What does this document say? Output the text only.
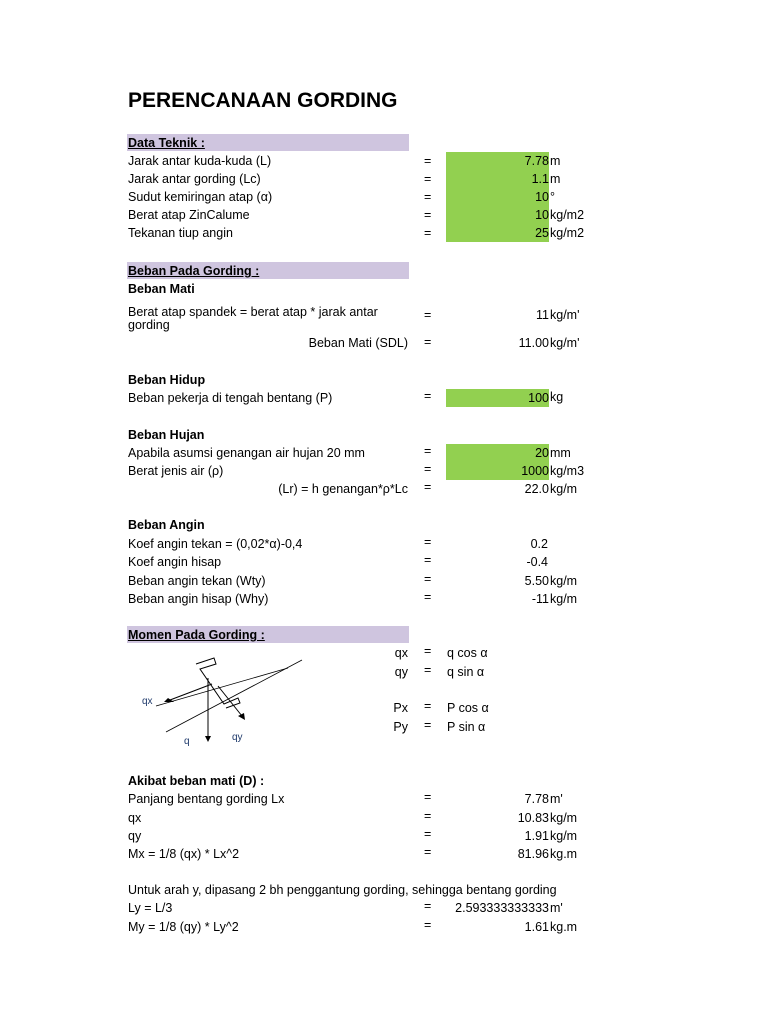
PERENCANAAN GORDING
Data Teknik :
Jarak antar kuda-kuda (L)	=	7.78 m
Jarak antar gording (Lc)	=	1.1 m
Sudut kemiringan atap (α)	=	10 °
Berat atap ZinCalume	=	10 kg/m2
Tekanan tiup angin	=	25 kg/m2
Beban Pada Gording :
Beban Mati
Berat atap spandek = berat atap * jarak antar
gording
=	11 kg/m'
Beban Mati (SDL) =	11.00 kg/m'
Beban Hidup
Beban pekerja di tengah bentang (P)	=	100 kg
Beban Hujan
Apabila asumsi genangan air hujan 20 mm	=	20 mm
Berat jenis air (ρ)	=	1000 kg/m3
(Lr) = h genangan*ρ*Lc =	22.0 kg/m
Beban Angin
Koef angin tekan = (0,02*α)-0,4	=	0.2
Koef angin hisap	=	-0.4
Beban angin tekan (Wty)	=	5.50 kg/m
Beban angin hisap (Why)	=	-11 kg/m
Momen Pada Gording :
qx = q cos α
qy = q sin α
Px = P cos α
Py = P sin α
qx
q	qy
Akibat beban mati (D) :
Panjang bentang gording Lx	=	7.78 m'
qx	=	10.83 kg/m
qy	=	1.91 kg/m
Mx = 1/8 (qx) * Lx^2	=	81.96 kg.m
Untuk arah y, dipasang 2 bh penggantung gording, sehingga bentang gording
Ly = L/3	=	2.593333333333 m'
My = 1/8 (qy) * Ly^2	=	1.61 kg.m
